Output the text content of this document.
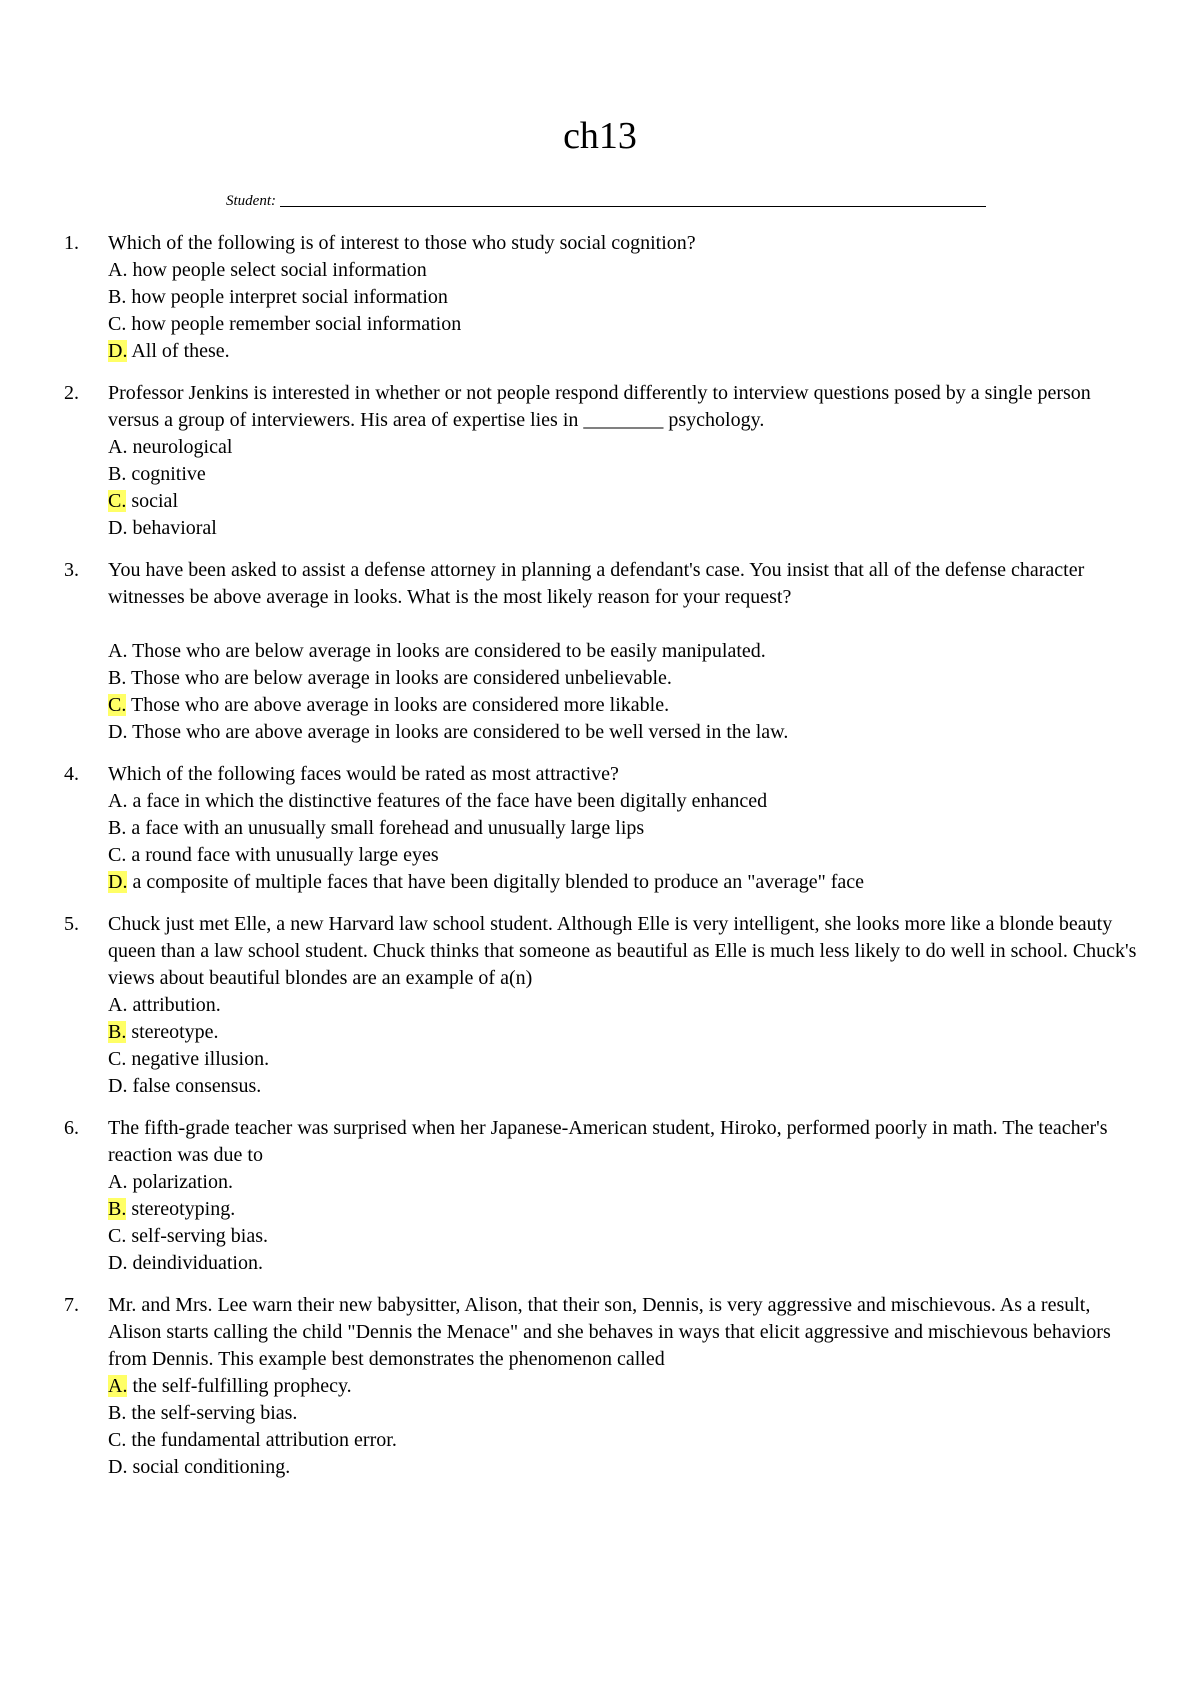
ch13
Student:
1. Which of the following is of interest to those who study social cognition?
A. how people select social information
B. how people interpret social information
C. how people remember social information
D. All of these.
2. Professor Jenkins is interested in whether or not people respond differently to interview questions posed by a single person versus a group of interviewers. His area of expertise lies in ________ psychology.
A. neurological
B. cognitive
C. social
D. behavioral
3. You have been asked to assist a defense attorney in planning a defendant's case. You insist that all of the defense character witnesses be above average in looks. What is the most likely reason for your request?
A. Those who are below average in looks are considered to be easily manipulated.
B. Those who are below average in looks are considered unbelievable.
C. Those who are above average in looks are considered more likable.
D. Those who are above average in looks are considered to be well versed in the law.
4. Which of the following faces would be rated as most attractive?
A. a face in which the distinctive features of the face have been digitally enhanced
B. a face with an unusually small forehead and unusually large lips
C. a round face with unusually large eyes
D. a composite of multiple faces that have been digitally blended to produce an "average" face
5. Chuck just met Elle, a new Harvard law school student. Although Elle is very intelligent, she looks more like a blonde beauty queen than a law school student. Chuck thinks that someone as beautiful as Elle is much less likely to do well in school. Chuck's views about beautiful blondes are an example of a(n)
A. attribution.
B. stereotype.
C. negative illusion.
D. false consensus.
6. The fifth-grade teacher was surprised when her Japanese-American student, Hiroko, performed poorly in math. The teacher's reaction was due to
A. polarization.
B. stereotyping.
C. self-serving bias.
D. deindividuation.
7. Mr. and Mrs. Lee warn their new babysitter, Alison, that their son, Dennis, is very aggressive and mischievous. As a result, Alison starts calling the child "Dennis the Menace" and she behaves in ways that elicit aggressive and mischievous behaviors from Dennis. This example best demonstrates the phenomenon called
A. the self-fulfilling prophecy.
B. the self-serving bias.
C. the fundamental attribution error.
D. social conditioning.
